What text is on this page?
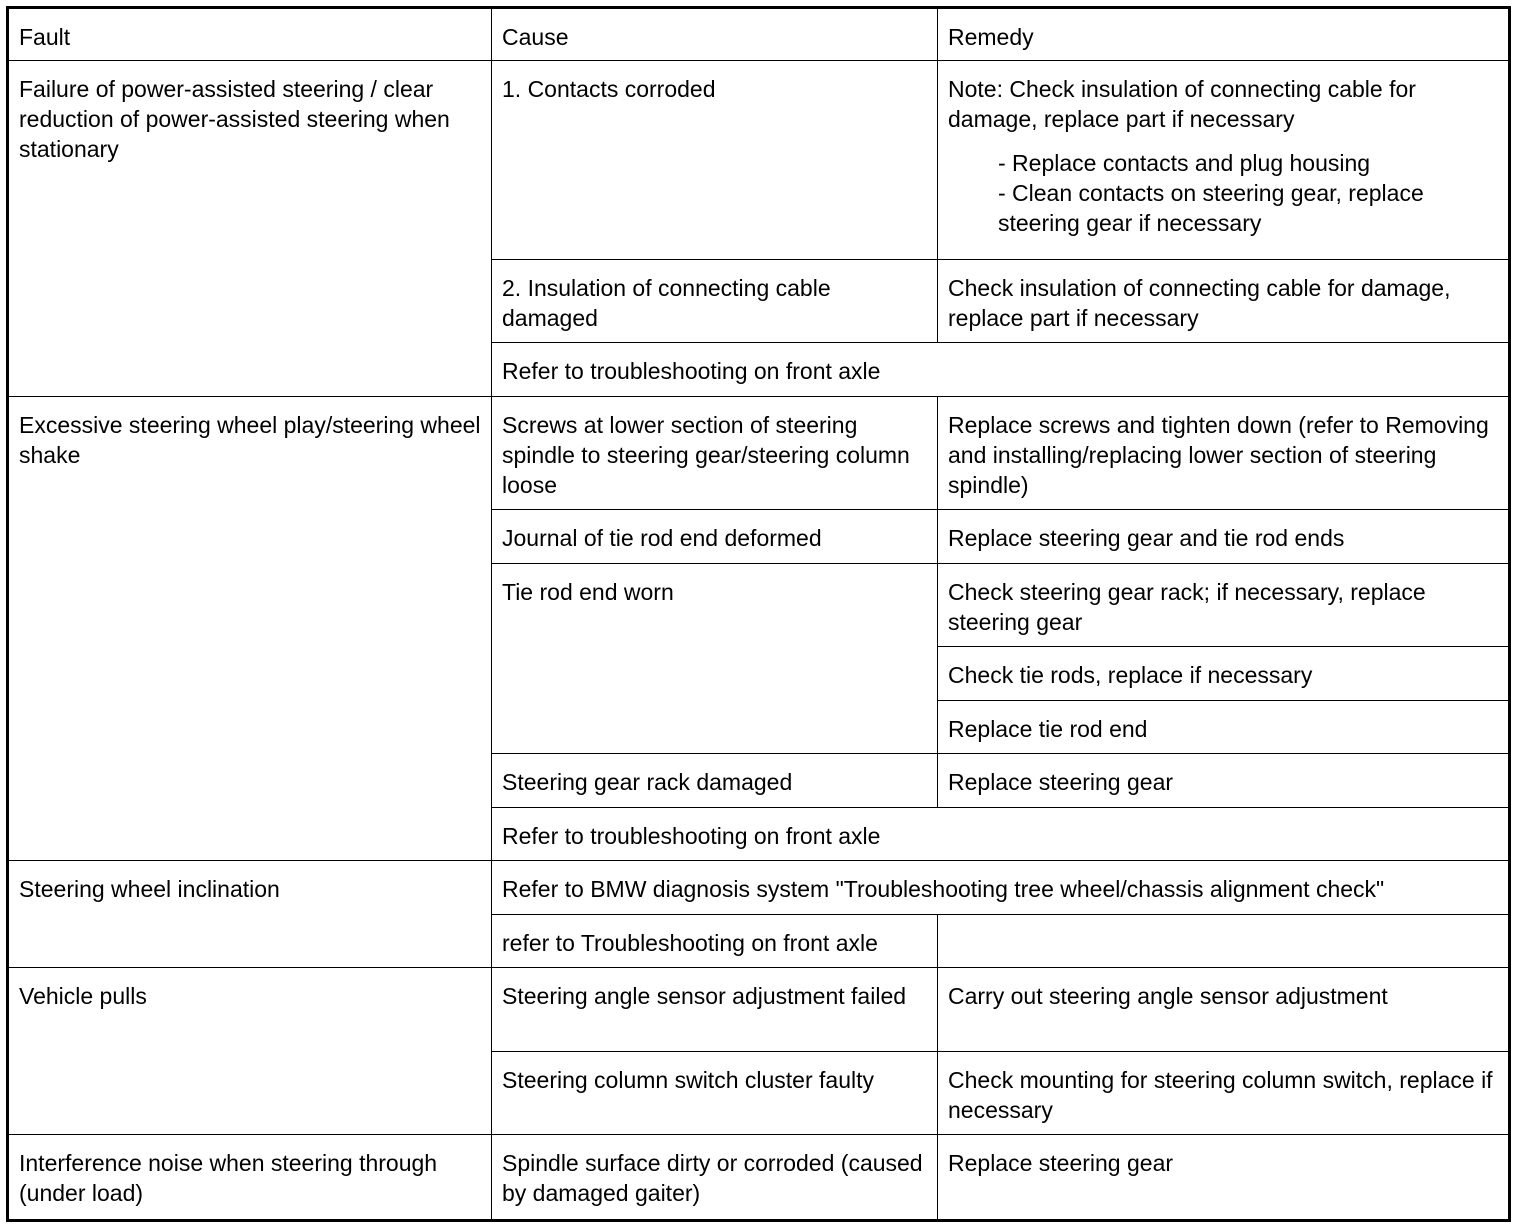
Fault	Cause	Remedy
Failure of power-assisted steering / clear reduction of power-assisted steering when stationary	1. Contacts corroded	Note: Check insulation of connecting cable for damage, replace part if necessary
- Replace contacts and plug housing
- Clean contacts on steering gear, replace steering gear if necessary

	2. Insulation of connecting cable damaged	Check insulation of connecting cable for damage, replace part if necessary
	Refer to troubleshooting on front axle	
Excessive steering wheel play/steering wheel shake	Screws at lower section of steering spindle to steering gear/steering column loose	Replace screws and tighten down (refer to Removing and installing/replacing lower section of steering spindle)
	Journal of tie rod end deformed	Replace steering gear and tie rod ends
	Tie rod end worn	Check steering gear rack; if necessary, replace steering gear
		Check tie rods, replace if necessary
		Replace tie rod end
	Steering gear rack damaged	Replace steering gear
	Refer to troubleshooting on front axle	
Steering wheel inclination	Refer to BMW diagnosis system "Troubleshooting tree wheel/chassis alignment check"	
	refer to Troubleshooting on front axle	
Vehicle pulls	Steering angle sensor adjustment failed	Carry out steering angle sensor adjustment
	Steering column switch cluster faulty	Check mounting for steering column switch, replace if necessary
Interference noise when steering through (under load)	Spindle surface dirty or corroded (caused by damaged gaiter)	Replace steering gear
